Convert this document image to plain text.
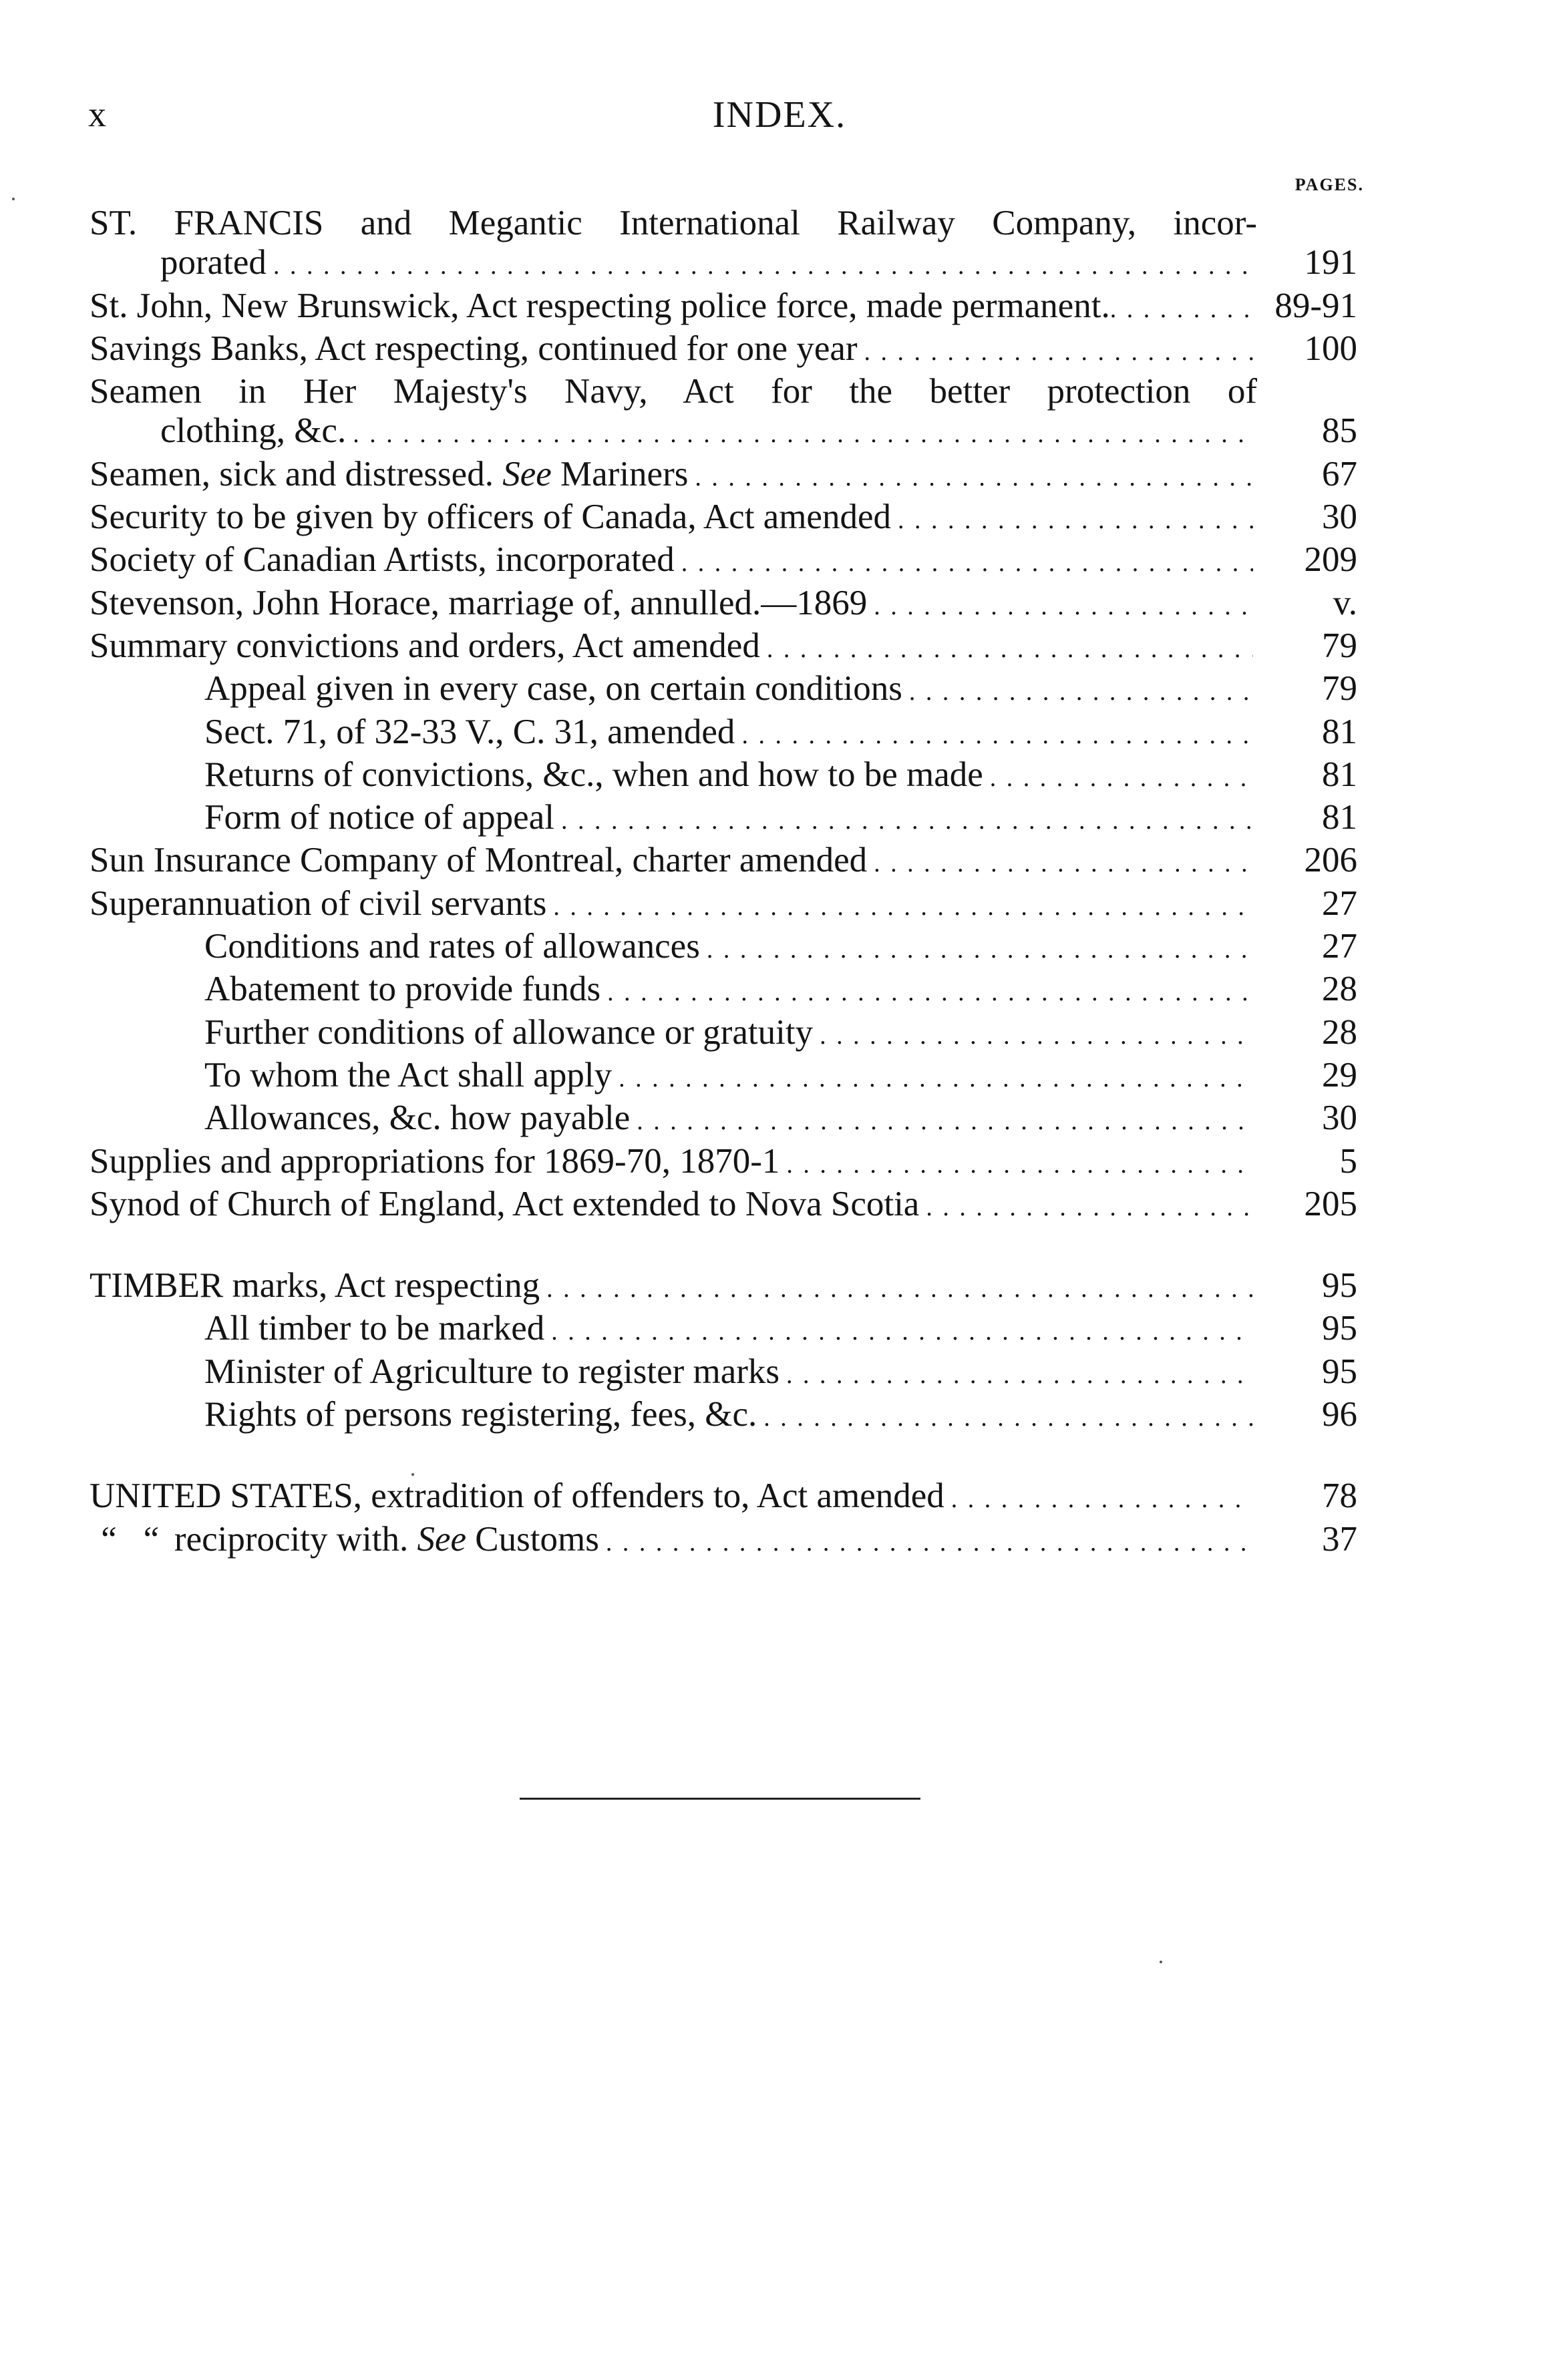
x	INDEX.
PAGES.
ST. FRANCIS and Megantic International Railway Company, incor-
porated . . .	191
St. John, New Brunswick, Act respecting police force, made permanent. . . .	89-91
Savings Banks, Act respecting, continued for one year . . .	100
Seamen in Her Majesty's Navy, Act for the better protection of
clothing, &c. . . .	85
Seamen, sick and distressed. See Mariners . . .	67
Security to be given by officers of Canada, Act amended . . .	30
Society of Canadian Artists, incorporated . . .	209
Stevenson, John Horace, marriage of, annulled.—1869 . . .	v.
Summary convictions and orders, Act amended . . .	79
Appeal given in every case, on certain conditions . . .	79
Sect. 71, of 32-33 V., C. 31, amended . . .	81
Returns of convictions, &c., when and how to be made . . .	81
Form of notice of appeal . . .	81
Sun Insurance Company of Montreal, charter amended . . .	206
Superannuation of civil servants . . .	27
Conditions and rates of allowances . . .	27
Abatement to provide funds . . .	28
Further conditions of allowance or gratuity . . .	28
To whom the Act shall apply . . .	29
Allowances, &c. how payable . . .	30
Supplies and appropriations for 1869-70, 1870-1 . . .	5
Synod of Church of England, Act extended to Nova Scotia . . .	205
TIMBER marks, Act respecting . . .	95
All timber to be marked . . .	95
Minister of Agriculture to register marks . . .	95
Rights of persons registering, fees, &c. . . .	96
UNITED STATES, extradition of offenders to, Act amended . . .	78
“ “ reciprocity with. See Customs . . .	37
